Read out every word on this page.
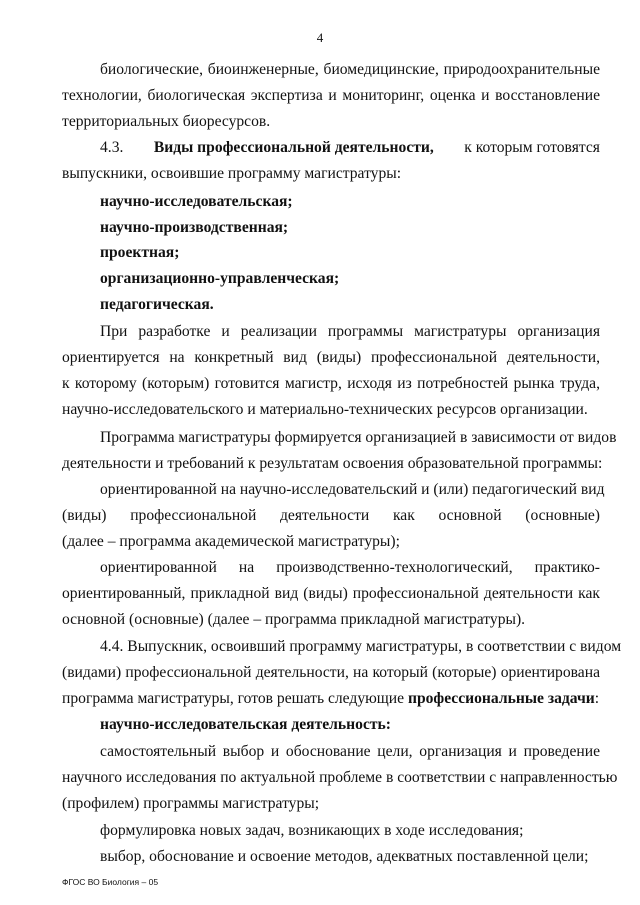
4
биологические, биоинженерные, биомедицинские, природоохранительные
технологии, биологическая экспертиза и мониторинг, оценка и восстановление
территориальных биоресурсов.
4.3. Виды профессиональной деятельности, к которым готовятся
выпускники, освоившие программу магистратуры:
научно-исследовательская;
научно-производственная;
проектная;
организационно-управленческая;
педагогическая.
При разработке и реализации программы магистратуры организация
ориентируется на конкретный вид (виды) профессиональной деятельности,
к которому (которым) готовится магистр, исходя из потребностей рынка труда,
научно-исследовательского и материально-технических ресурсов организации.
Программа магистратуры формируется организацией в зависимости от видов
деятельности и требований к результатам освоения образовательной программы:
ориентированной на научно-исследовательский и (или) педагогический вид
(виды) профессиональной деятельности как основной (основные)
(далее – программа академической магистратуры);
ориентированной на производственно-технологический, практико-
ориентированный, прикладной вид (виды) профессиональной деятельности как
основной (основные) (далее – программа прикладной магистратуры).
4.4. Выпускник, освоивший программу магистратуры, в соответствии с видом
(видами) профессиональной деятельности, на который (которые) ориентирована
программа магистратуры, готов решать следующие профессиональные задачи:
научно-исследовательская деятельность:
самостоятельный выбор и обоснование цели, организация и проведение
научного исследования по актуальной проблеме в соответствии с направленностью
(профилем) программы магистратуры;
формулировка новых задач, возникающих в ходе исследования;
выбор, обоснование и освоение методов, адекватных поставленной цели;
ФГОС ВО Биология – 05
